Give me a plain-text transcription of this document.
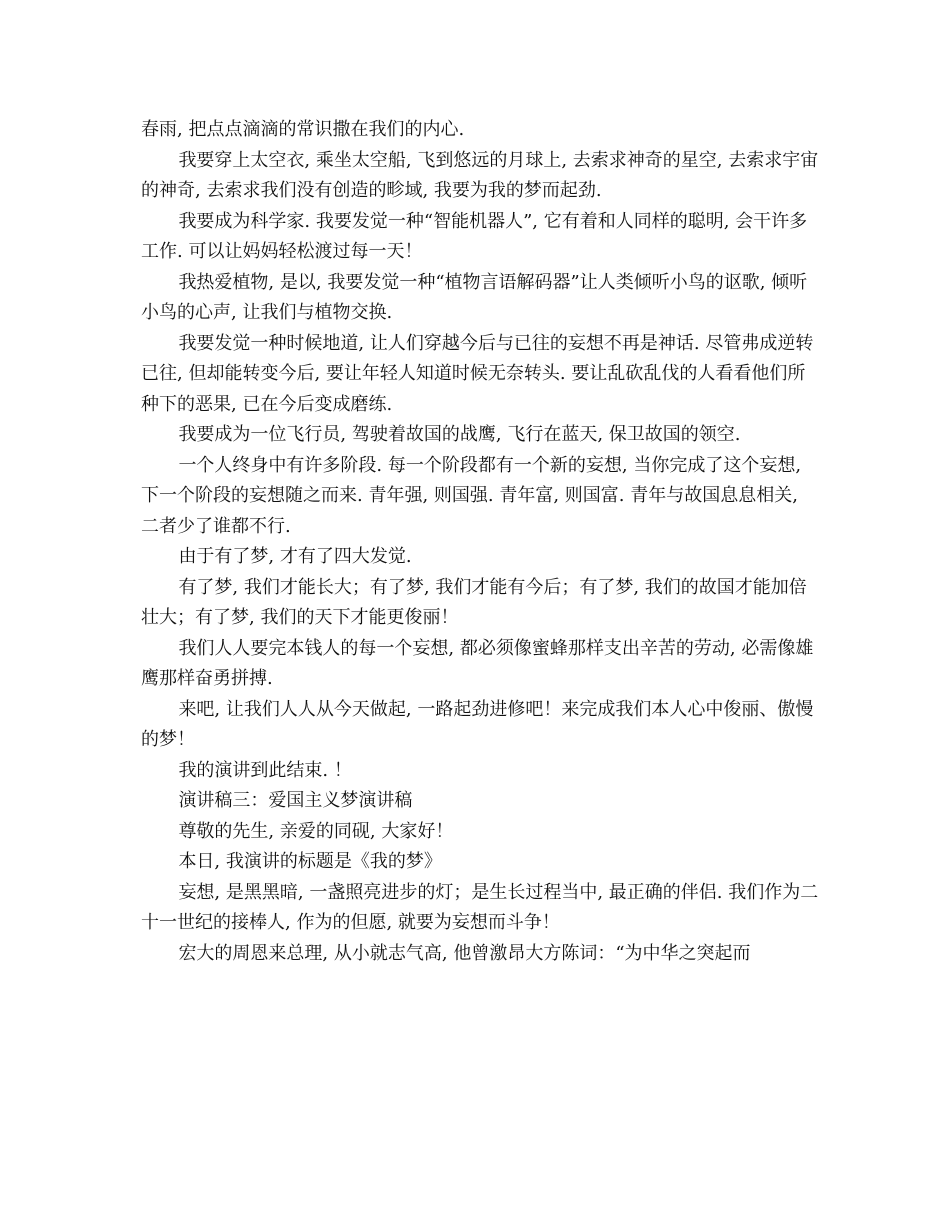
春雨, 把点点滴滴的常识撒在我们的内心.

我要穿上太空衣, 乘坐太空船, 飞到悠远的月球上, 去索求神奇的星空, 去索求宇宙的神奇, 去索求我们没有创造的畛域, 我要为我的梦而起劲.

我要成为科学家. 我要发觉一种“智能机器人”, 它有着和人同样的聪明, 会干许多工作. 可以让妈妈轻松渡过每一天！

我热爱植物, 是以, 我要发觉一种“植物言语解码器”让人类倾听小鸟的讴歌, 倾听小鸟的心声, 让我们与植物交换.

我要发觉一种时候地道, 让人们穿越今后与已往的妄想不再是神话. 尽管弗成逆转已往, 但却能转变今后, 要让年轻人知道时候无奈转头. 要让乱砍乱伐的人看看他们所种下的恶果, 已在今后变成磨练.

我要成为一位飞行员, 驾驶着故国的战鹰, 飞行在蓝天, 保卫故国的领空.

一个人终身中有许多阶段. 每一个阶段都有一个新的妄想, 当你完成了这个妄想, 下一个阶段的妄想随之而来. 青年强, 则国强. 青年富, 则国富. 青年与故国息息相关, 二者少了谁都不行.

由于有了梦, 才有了四大发觉.

有了梦, 我们才能长大；有了梦, 我们才能有今后；有了梦, 我们的故国才能加倍壮大；有了梦, 我们的天下才能更俊丽！

我们人人要完本钱人的每一个妄想, 都必须像蜜蜂那样支出辛苦的劳动, 必需像雄鹰那样奋勇拼搏.

来吧, 让我们人人从今天做起, 一路起劲进修吧！来完成我们本人心中俊丽、傲慢的梦！

我的演讲到此结束. ！

演讲稿三：爱国主义梦演讲稿

尊敬的先生, 亲爱的同砚, 大家好！

本日, 我演讲的标题是《我的梦》

妄想, 是黑黑暗, 一盏照亮进步的灯；是生长过程当中, 最正确的伴侣. 我们作为二十一世纪的接棒人, 作为的但愿, 就要为妄想而斗争！

宏大的周恩来总理, 从小就志气高, 他曾激昂大方陈词：“为中华之突起而
